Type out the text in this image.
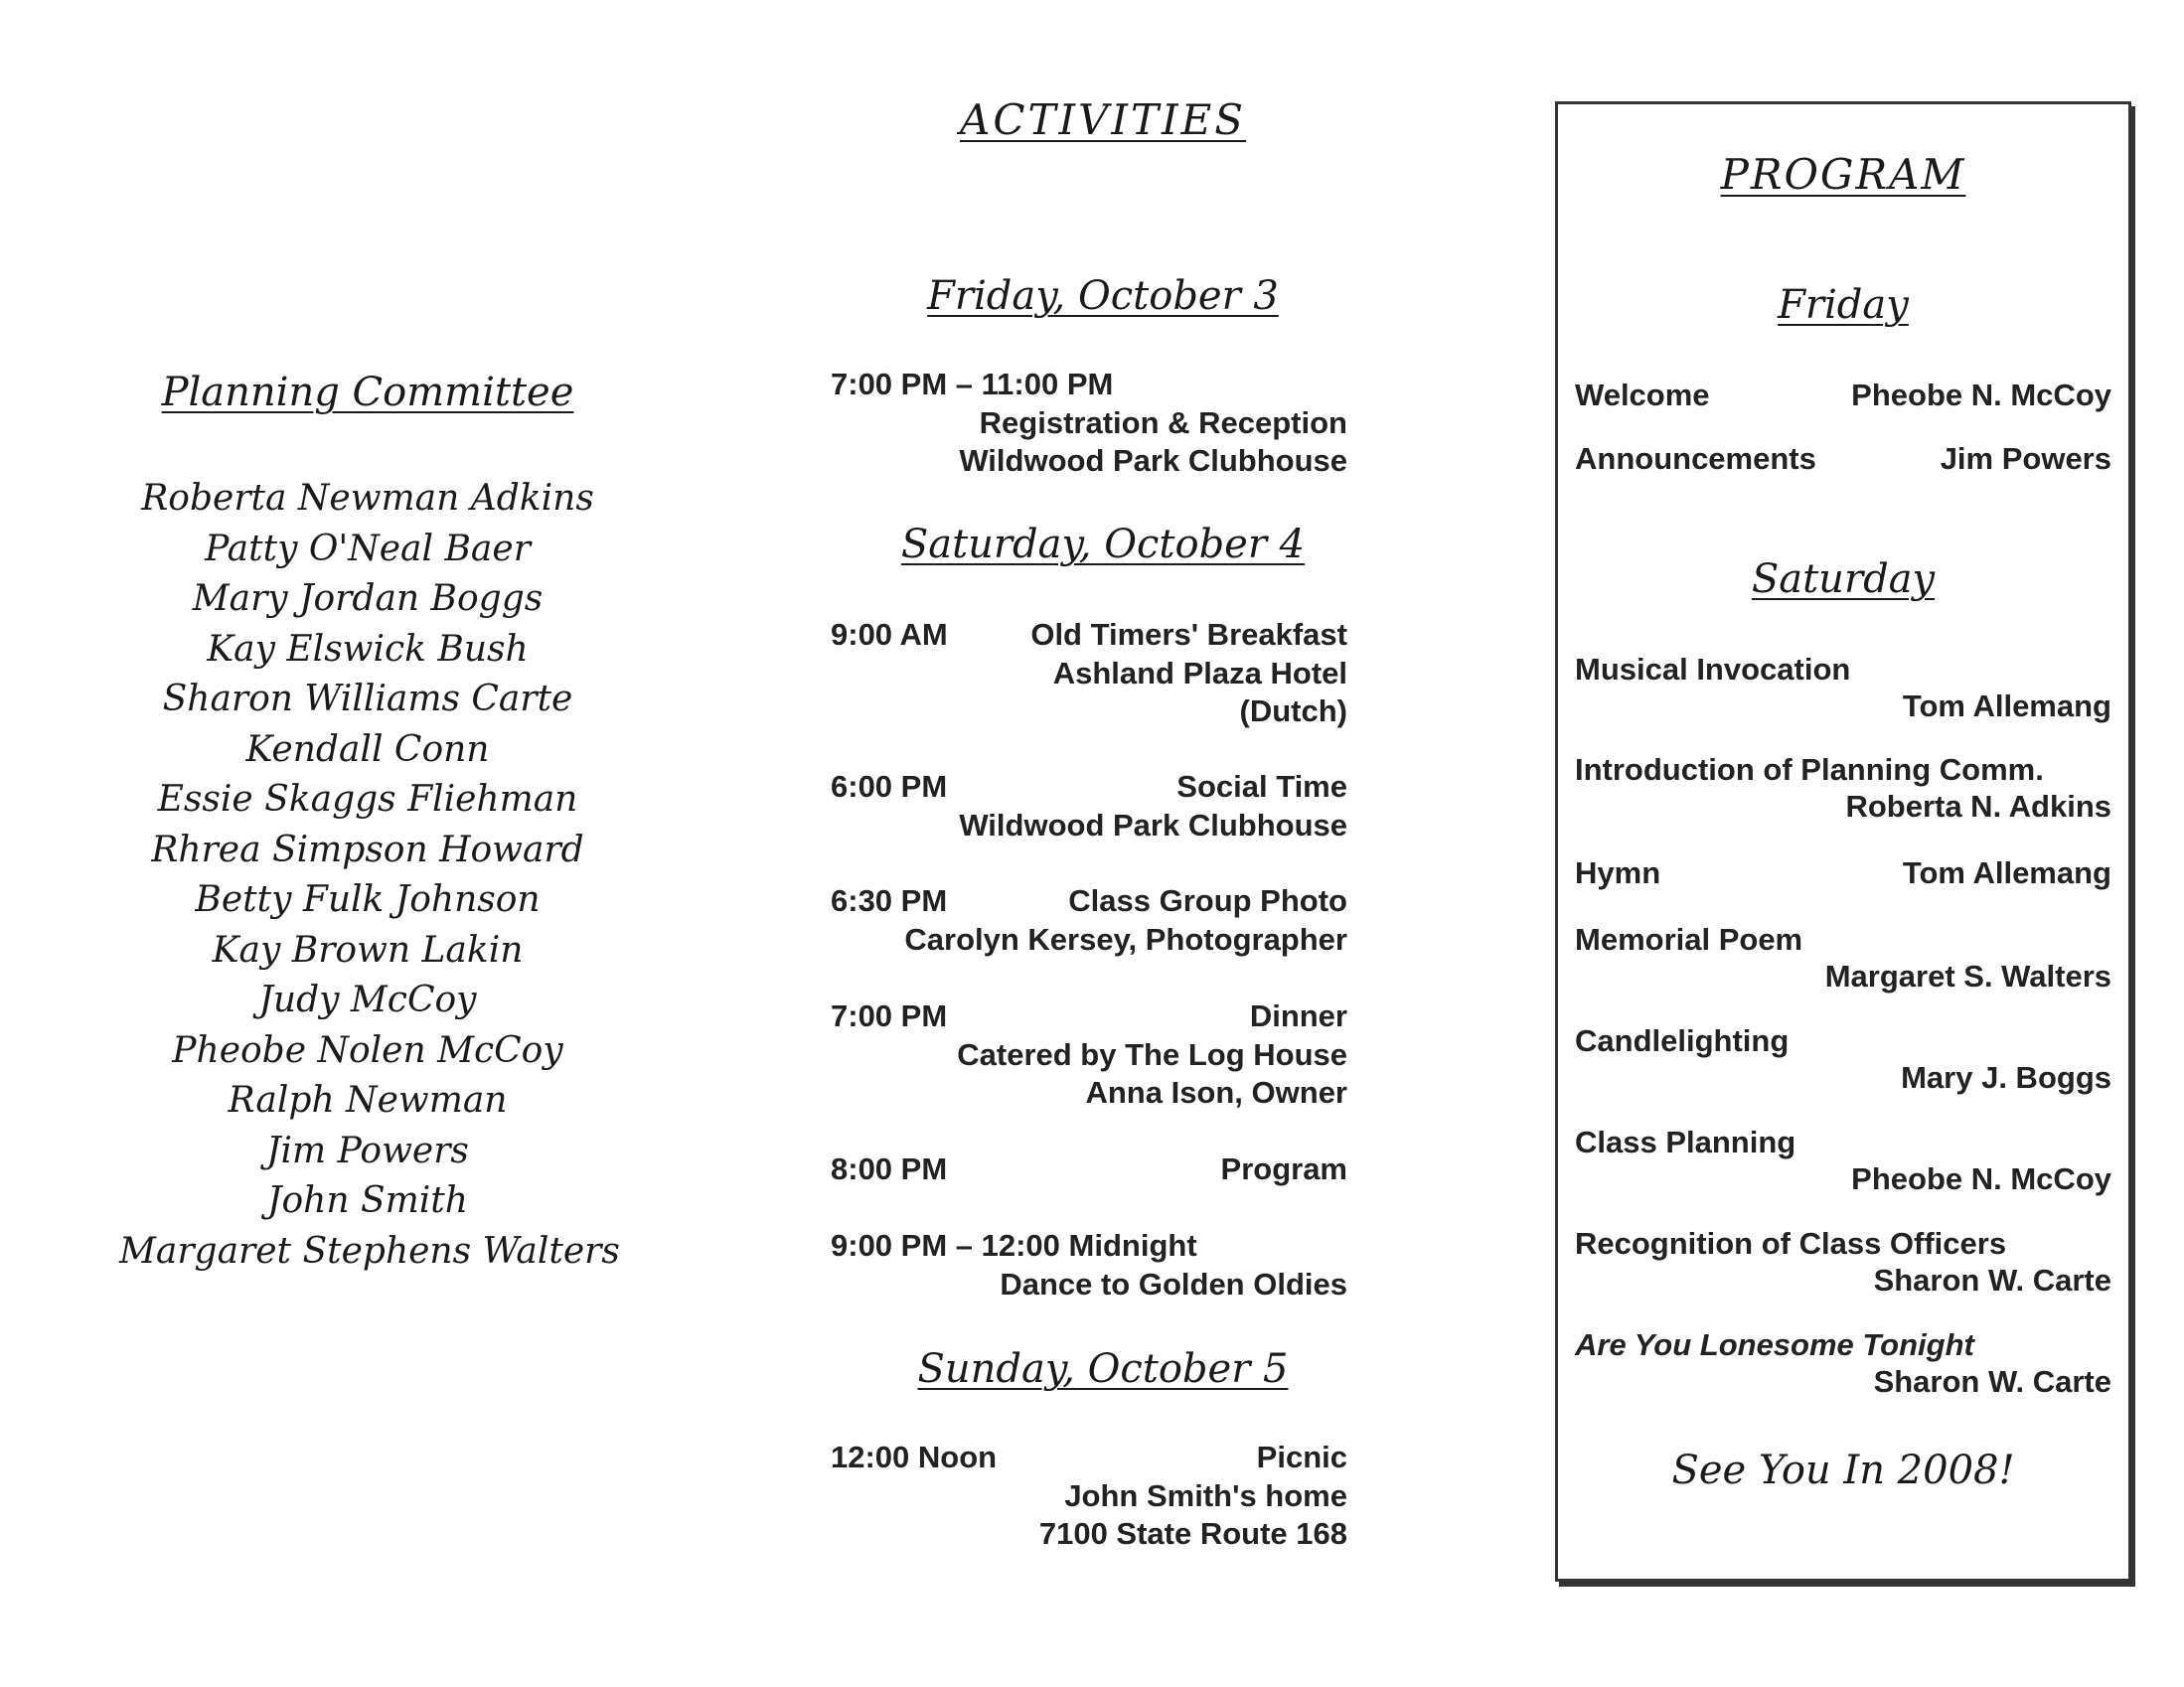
Planning Committee
Roberta Newman Adkins
Patty O'Neal Baer
Mary Jordan Boggs
Kay Elswick Bush
Sharon Williams Carte
Kendall Conn
Essie Skaggs Fliehman
Rhrea Simpson Howard
Betty Fulk Johnson
Kay Brown Lakin
Judy McCoy
Pheobe Nolen McCoy
Ralph Newman
Jim Powers
John Smith
Margaret Stephens Walters
ACTIVITIES
Friday, October 3
7:00 PM – 11:00 PM
Registration & Reception
Wildwood Park Clubhouse
Saturday, October 4
9:00 AM	Old Timers' Breakfast
Ashland Plaza Hotel
(Dutch)
6:00 PM	Social Time
Wildwood Park Clubhouse
6:30 PM	Class Group Photo
Carolyn Kersey, Photographer
7:00 PM	Dinner
Catered by The Log House
Anna Ison, Owner
8:00 PM	Program
9:00 PM – 12:00 Midnight
Dance to Golden Oldies
Sunday, October 5
12:00 Noon	Picnic
John Smith's home
7100 State Route 168
PROGRAM
Friday
Welcome	Pheobe N. McCoy
Announcements	Jim Powers
Saturday
Musical Invocation
Tom Allemang
Introduction of Planning Comm.
Roberta N. Adkins
Hymn	Tom Allemang
Memorial Poem
Margaret S. Walters
Candlelighting
Mary J. Boggs
Class Planning
Pheobe N. McCoy
Recognition of Class Officers
Sharon W. Carte
Are You Lonesome Tonight
Sharon W. Carte
See You In 2008!
